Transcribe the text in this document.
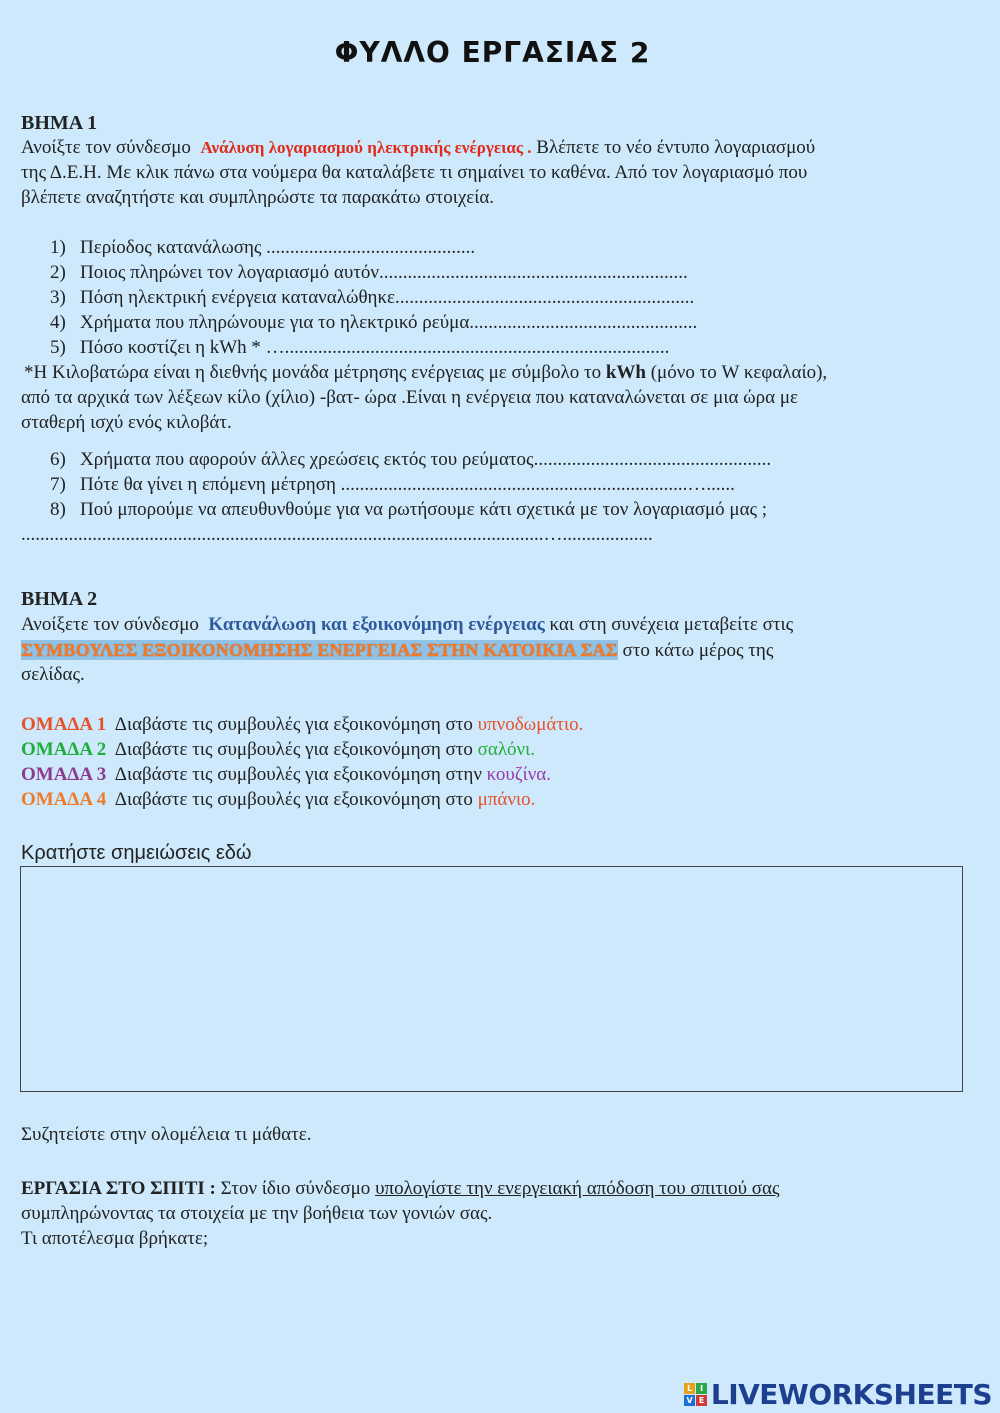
ΦΥΛΛΟ ΕΡΓΑΣΙΑΣ 2
ΒΗΜΑ 1
Ανοίξτε τον σύνδεσμο Ανάλυση λογαριασμού ηλεκτρικής ενέργειας . Βλέπετε το νέο έντυπο λογαριασμού
της Δ.Ε.Η. Με κλικ πάνω στα νούμερα θα καταλάβετε τι σημαίνει το καθένα. Από τον λογαριασμό που
βλέπετε αναζητήστε και συμπληρώστε τα παρακάτω στοιχεία.
1) Περίοδος κατανάλωσης ............................................
2) Ποιος πληρώνει τον λογαριασμό αυτόν.................................................................
3) Πόση ηλεκτρική ενέργεια καταναλώθηκε...............................................................
4) Χρήματα που πληρώνουμε για το ηλεκτρικό ρεύμα................................................
5) Πόσο κοστίζει η kWh * ….................................................................................
*Η Κιλοβατώρα είναι η διεθνής μονάδα μέτρησης ενέργειας με σύμβολο το kWh (μόνο το W κεφαλαίο),
από τα αρχικά των λέξεων κίλο (χίλιο) -βατ- ώρα .Είναι η ενέργεια που καταναλώνεται σε μια ώρα με
σταθερή ισχύ ενός κιλοβάτ.
6) Χρήματα που αφορούν άλλες χρεώσεις εκτός του ρεύματος..................................................
7) Πότε θα γίνει η επόμενη μέτρηση .........................................................................…......
8) Πού μπορούμε να απευθυνθούμε για να ρωτήσουμε κάτι σχετικά με τον λογαριασμό μας ;
..............................................................................................................…...................
ΒΗΜΑ 2
Ανοίξετε τον σύνδεσμο Κατανάλωση και εξοικονόμηση ενέργειας και στη συνέχεια μεταβείτε στις
ΣΥΜΒΟΥΛΕΣ ΕΞΟΙΚΟΝΟΜΗΣΗΣ ΕΝΕΡΓΕΙΑΣ ΣΤΗΝ ΚΑΤΟΙΚΙΑ ΣΑΣ στο κάτω μέρος της
σελίδας.
ΟΜΑΔΑ 1 Διαβάστε τις συμβουλές για εξοικονόμηση στο υπνοδωμάτιο.
ΟΜΑΔΑ 2 Διαβάστε τις συμβουλές για εξοικονόμηση στο σαλόνι.
ΟΜΑΔΑ 3 Διαβάστε τις συμβουλές για εξοικονόμηση στην κουζίνα.
ΟΜΑΔΑ 4 Διαβάστε τις συμβουλές για εξοικονόμηση στο μπάνιο.
Κρατήστε σημειώσεις εδώ
Συζητείστε στην ολομέλεια τι μάθατε.
ΕΡΓΑΣΙΑ ΣΤΟ ΣΠΙΤΙ : Στον ίδιο σύνδεσμο υπολογίστε την ενεργειακή απόδοση του σπιτιού σας
συμπληρώνοντας τα στοιχεία με την βοήθεια των γονιών σας.
Τι αποτέλεσμα βρήκατε;
L	I
V E LIVEWORKSHEETS
